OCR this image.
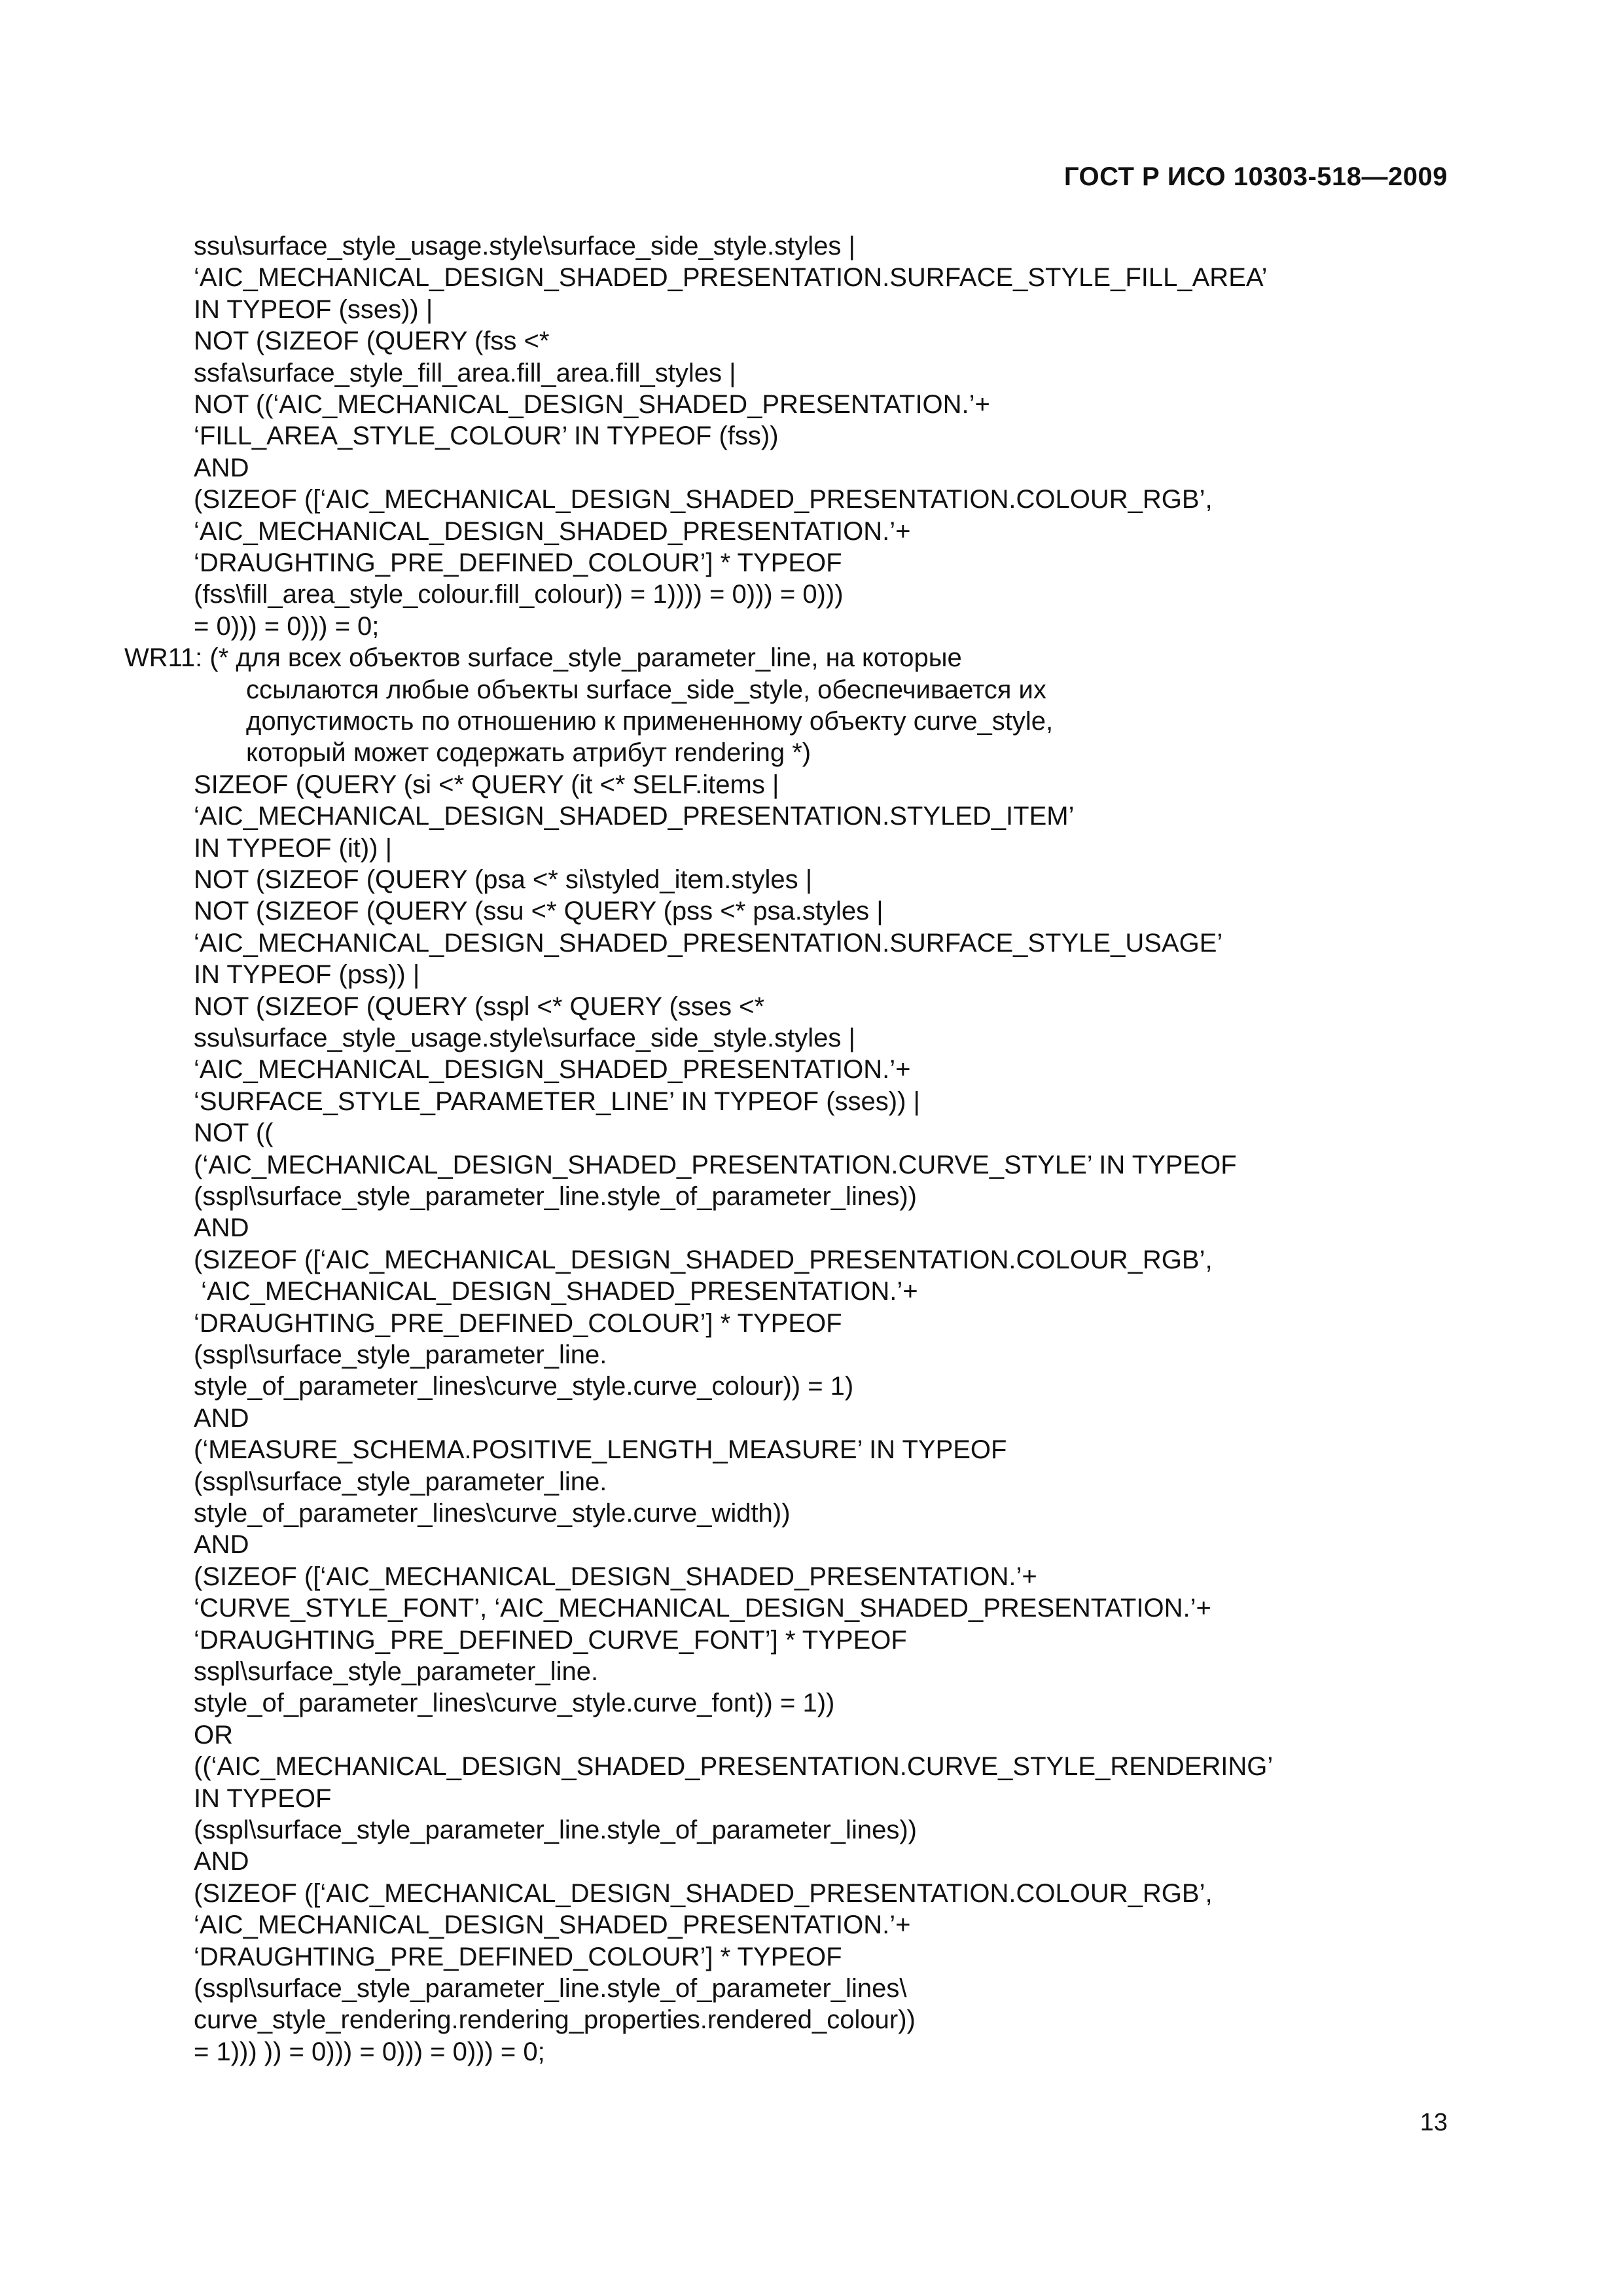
ГОСТ Р ИСО 10303-518—2009
ssu\surface_style_usage.style\surface_side_style.styles |
‘AIC_MECHANICAL_DESIGN_SHADED_PRESENTATION.SURFACE_STYLE_FILL_AREA’
IN TYPEOF (sses)) |
NOT (SIZEOF (QUERY (fss <*
ssfa\surface_style_fill_area.fill_area.fill_styles |
NOT ((‘AIC_MECHANICAL_DESIGN_SHADED_PRESENTATION.’+
‘FILL_AREA_STYLE_COLOUR’ IN TYPEOF (fss))
AND
(SIZEOF ([‘AIC_MECHANICAL_DESIGN_SHADED_PRESENTATION.COLOUR_RGB’,
‘AIC_MECHANICAL_DESIGN_SHADED_PRESENTATION.’+
‘DRAUGHTING_PRE_DEFINED_COLOUR’] * TYPEOF
(fss\fill_area_style_colour.fill_colour)) = 1)))) = 0))) = 0)))
= 0))) = 0))) = 0;
WR11: (* для всех объектов surface_style_parameter_line, на которые
ссылаются любые объекты surface_side_style, обеспечивается их
допустимость по отношению к примененному объекту curve_style,
который может содержать атрибут rendering *)
SIZEOF (QUERY (si <* QUERY (it <* SELF.items |
‘AIC_MECHANICAL_DESIGN_SHADED_PRESENTATION.STYLED_ITEM’
IN TYPEOF (it)) |
NOT (SIZEOF (QUERY (psa <* si\styled_item.styles |
NOT (SIZEOF (QUERY (ssu <* QUERY (pss <* psa.styles |
‘AIC_MECHANICAL_DESIGN_SHADED_PRESENTATION.SURFACE_STYLE_USAGE’
IN TYPEOF (pss)) |
NOT (SIZEOF (QUERY (sspl <* QUERY (sses <*
ssu\surface_style_usage.style\surface_side_style.styles |
‘AIC_MECHANICAL_DESIGN_SHADED_PRESENTATION.’+
‘SURFACE_STYLE_PARAMETER_LINE’ IN TYPEOF (sses)) |
NOT ((
(‘AIC_MECHANICAL_DESIGN_SHADED_PRESENTATION.CURVE_STYLE’ IN TYPEOF
(sspl\surface_style_parameter_line.style_of_parameter_lines))
AND
(SIZEOF ([‘AIC_MECHANICAL_DESIGN_SHADED_PRESENTATION.COLOUR_RGB’,
‘AIC_MECHANICAL_DESIGN_SHADED_PRESENTATION.’+
‘DRAUGHTING_PRE_DEFINED_COLOUR’] * TYPEOF
(sspl\surface_style_parameter_line.
style_of_parameter_lines\curve_style.curve_colour)) = 1)
AND
(‘MEASURE_SCHEMA.POSITIVE_LENGTH_MEASURE’ IN TYPEOF
(sspl\surface_style_parameter_line.
style_of_parameter_lines\curve_style.curve_width))
AND
(SIZEOF ([‘AIC_MECHANICAL_DESIGN_SHADED_PRESENTATION.’+
‘CURVE_STYLE_FONT’, ‘AIC_MECHANICAL_DESIGN_SHADED_PRESENTATION.’+
‘DRAUGHTING_PRE_DEFINED_CURVE_FONT’] * TYPEOF
sspl\surface_style_parameter_line.
style_of_parameter_lines\curve_style.curve_font)) = 1))
OR
((‘AIC_MECHANICAL_DESIGN_SHADED_PRESENTATION.CURVE_STYLE_RENDERING’
IN TYPEOF
(sspl\surface_style_parameter_line.style_of_parameter_lines))
AND
(SIZEOF ([‘AIC_MECHANICAL_DESIGN_SHADED_PRESENTATION.COLOUR_RGB’,
‘AIC_MECHANICAL_DESIGN_SHADED_PRESENTATION.’+
‘DRAUGHTING_PRE_DEFINED_COLOUR’] * TYPEOF
(sspl\surface_style_parameter_line.style_of_parameter_lines\
curve_style_rendering.rendering_properties.rendered_colour))
= 1))) )) = 0))) = 0))) = 0))) = 0;
13
